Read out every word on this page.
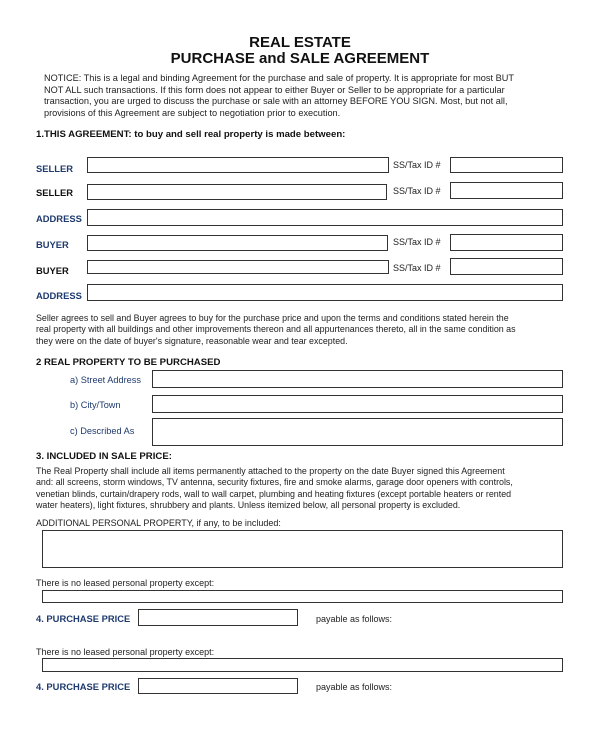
REAL ESTATE
PURCHASE and SALE AGREEMENT
NOTICE: This is a legal and binding Agreement for the purchase and sale of property. It is appropriate for most BUT
NOT ALL such transactions. If this form does not appear to either Buyer or Seller to be appropriate for a particular
transaction, you are urged to discuss the purchase or sale with an attorney BEFORE YOU SIGN. Most, but not all,
provisions of this Agreement are subject to negotiation prior to execution.
1.THIS AGREEMENT: to buy and sell real property is made between:
SELLER	SS/Tax ID #
SELLER	SS/Tax ID #
ADDRESS
BUYER	SS/Tax ID #
BUYER	SS/Tax ID #
ADDRESS
Seller agrees to sell and Buyer agrees to buy for the purchase price and upon the terms and conditions stated herein the
real property with all buildings and other improvements thereon and all appurtenances thereto, all in the same condition as
they were on the date of buyer's signature, reasonable wear and tear excepted.
2 REAL PROPERTY TO BE PURCHASED
a) Street Address
b) City/Town
c) Described As
3. INCLUDED IN SALE PRICE:
The Real Property shall include all items permanently attached to the property on the date Buyer signed this Agreement
and: all screens, storm windows, TV antenna, security fixtures, fire and smoke alarms, garage door openers with controls,
venetian blinds, curtain/drapery rods, wall to wall carpet, plumbing and heating fixtures (except portable heaters or rented
water heaters), light fixtures, shrubbery and plants. Unless itemized below, all personal property is excluded.
ADDITIONAL PERSONAL PROPERTY, if any, to be included:
There is no leased personal property except:
4. PURCHASE PRICE	payable as follows:
There is no leased personal property except:
4. PURCHASE PRICE	payable as follows:
